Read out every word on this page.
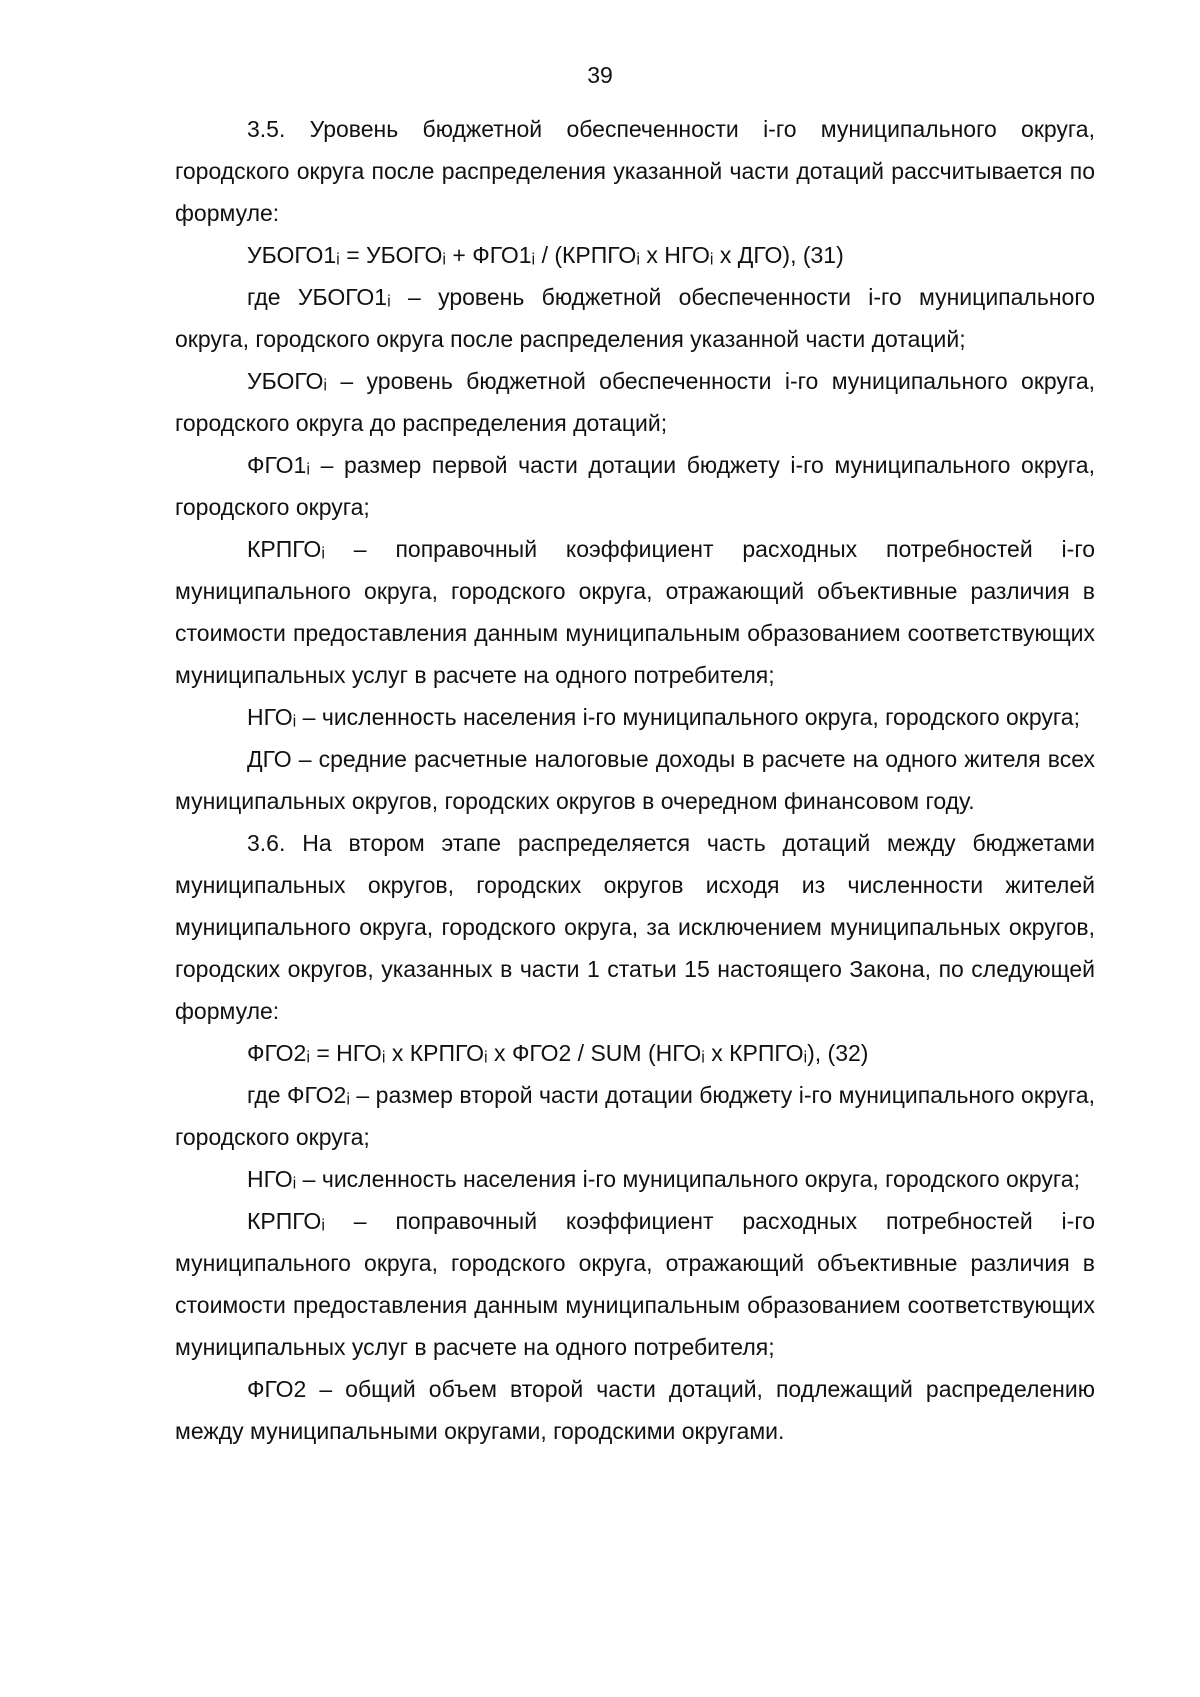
39

3.5. Уровень бюджетной обеспеченности i-го муниципального округа, городского округа после распределения указанной части дотаций рассчитывается по формуле:

УБОГО1ᵢ = УБОГОᵢ + ФГО1ᵢ / (КРПГОᵢ x НГОᵢ x ДГО), (31)

где УБОГО1ᵢ – уровень бюджетной обеспеченности i-го муниципального округа, городского округа после распределения указанной части дотаций;

УБОГОᵢ – уровень бюджетной обеспеченности i-го муниципального округа, городского округа до распределения дотаций;

ФГО1ᵢ – размер первой части дотации бюджету i-го муниципального округа, городского округа;

КРПГОᵢ – поправочный коэффициент расходных потребностей i-го муниципального округа, городского округа, отражающий объективные различия в стоимости предоставления данным муниципальным образованием соответствующих муниципальных услуг в расчете на одного потребителя;

НГОᵢ – численность населения i-го муниципального округа, городского округа;

ДГО – средние расчетные налоговые доходы в расчете на одного жителя всех муниципальных округов, городских округов в очередном финансовом году.

3.6. На втором этапе распределяется часть дотаций между бюджетами муниципальных округов, городских округов исходя из численности жителей муниципального округа, городского округа, за исключением муниципальных округов, городских округов, указанных в части 1 статьи 15 настоящего Закона, по следующей формуле:

ФГО2ᵢ = НГОᵢ x КРПГОᵢ x ФГО2 / SUM (НГОᵢ x КРПГОᵢ), (32)

где ФГО2ᵢ – размер второй части дотации бюджету i-го муниципального округа, городского округа;

НГОᵢ – численность населения i-го муниципального округа, городского округа;

КРПГОᵢ – поправочный коэффициент расходных потребностей i-го муниципального округа, городского округа, отражающий объективные различия в стоимости предоставления данным муниципальным образованием соответствующих муниципальных услуг в расчете на одного потребителя;

ФГО2 – общий объем второй части дотаций, подлежащий распределению между муниципальными округами, городскими округами.
